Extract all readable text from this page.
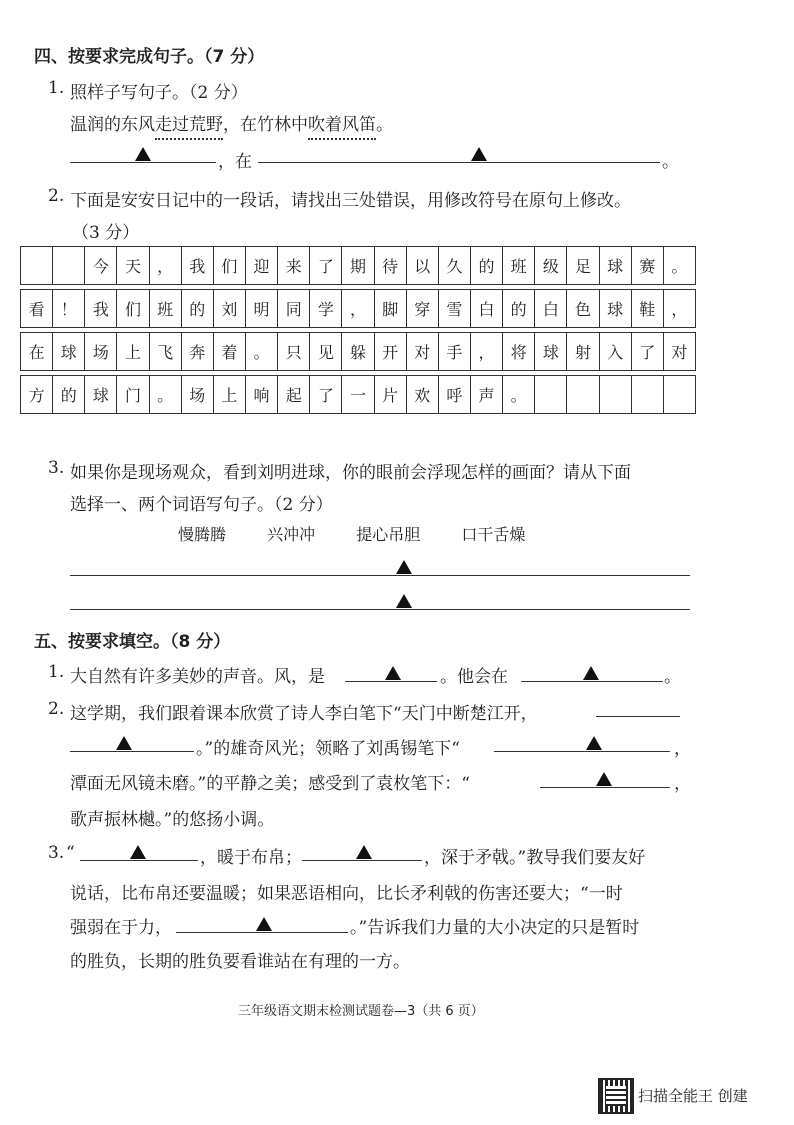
四、按要求完成句子。（7 分）
1. 照样子写句子。（2 分）
温润的东风走过荒野，在竹林中吹着风笛。
，在	。
2. 下面是安安日记中的一段话，请找出三处错误，用修改符号在原句上修改。
（3 分）
		今	天	，	我	们	迎	来	了	期	待	以	久	的	班	级	足	球	赛	。

看	！	我	们	班	的	刘	明	同	学	，	脚	穿	雪	白	的	白	色	球	鞋	，

在	球	场	上	飞	奔	着	。	只	见	躲	开	对	手	，	将	球	射	入	了	对

方	的	球	门	。	场	上	响	起	了	一	片	欢	呼	声	。					
3. 如果你是现场观众，看到刘明进球，你的眼前会浮现怎样的画面？请从下面
选择一、两个词语写句子。（2 分）
慢腾腾	兴冲冲	提心吊胆	口干舌燥
五、按要求填空。（8 分）
1. 大自然有许多美妙的声音。风，是	。他会在	。
2. 这学期，我们跟着课本欣赏了诗人李白笔下“天门中断楚江开，
。”的雄奇风光；领略了刘禹锡笔下“	，
潭面无风镜未磨。”的平静之美；感受到了袁枚笔下：“	，
歌声振林樾。”的悠扬小调。
3. “	，暖于布帛；	，深于矛戟。”教导我们要友好
说话，比布帛还要温暖；如果恶语相向，比长矛利戟的伤害还要大；“一时
强弱在于力，	。”告诉我们力量的大小决定的只是暂时
的胜负，长期的胜负要看谁站在有理的一方。
三年级语文期末检测试题卷—3（共 6 页）
扫描全能王 创建
